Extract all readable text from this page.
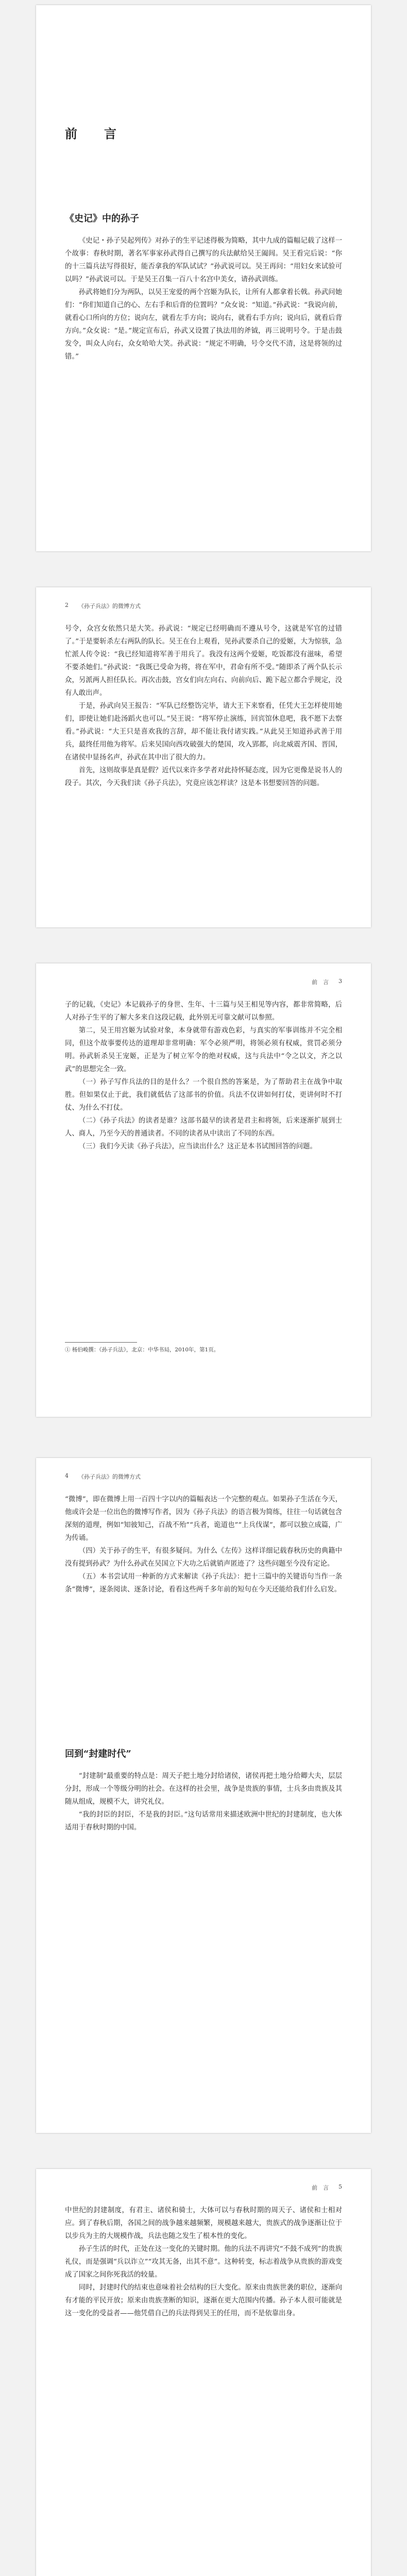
前　言
《史记》中的孙子

《史记・孙子吴起列传》对孙子的生平记述得极为简略，其中九成的篇幅记载了这样一个故事：春秋时期，著名军事家孙武得自己撰写的兵法献给吴王阖闾。吴王看完后说：“你的十三篇兵法写得很好，能否拿我的军队试试？”孙武说可以。吴王再问：“用妇女来试验可以吗？”孙武说可以。于是吴王召集一百八十名宫中美女，请孙武训练。

孙武将她们分为两队，以吴王宠爱的两个宫姬为队长，让所有人都拿着长戟。孙武问她们：“你们知道自己的心、左右手和后背的位置吗？”众女说：“知道。”孙武说：“我说向前，就看心口所向的方位；说向左，就看左手方向；说向右，就看右手方向；说向后，就看后背方向。”众女说：“是。”规定宣布后，孙武又设置了执法用的斧钺，再三说明号令。于是击鼓发令，叫众人向右，众女哈哈大笑。孙武说：“规定不明确，号令交代不清，这是将领的过错。”

2 《孙子兵法》的微博方式

号令，众宫女依然只是大笑。孙武说：“规定已经明确而不遵从号令，这就是军官的过错了。”于是要斩杀左右两队的队长。吴王在台上观看，见孙武要杀自己的爱姬，大为惊骇，急忙派人传令说：“我已经知道将军善于用兵了。我没有这两个爱姬，吃饭都没有滋味，希望不要杀她们。”孙武说：“我既已受命为将，将在军中，君命有所不受。”随即杀了两个队长示众，另派两人担任队长。再次击鼓，宫女们向左向右、向前向后、跪下起立都合乎规定，没有人敢出声。

于是，孙武向吴王报告：“军队已经整饬完毕，请大王下来察看，任凭大王怎样使用她们，即使让她们赴汤蹈火也可以。”吴王说：“将军停止演练，回宾馆休息吧，我不愿下去察看。”孙武说：“大王只是喜欢我的言辞，却不能让我付诸实践。”从此吴王知道孙武善于用兵，最终任用他为将军。后来吴国向西攻破强大的楚国，攻入郢都，向北威震齐国、晋国，在诸侯中显扬名声，孙武在其中出了很大的力。

首先，这则故事是真是假？近代以来许多学者对此持怀疑态度，因为它更像是说书人的段子。其次，今天我们读《孙子兵法》，究竟应该怎样读？这是本书想要回答的问题。

前　言 3

子的记载，《史记》本记载孙子的身世、生年、十三篇与吴王相见等内容，都非常简略，后人对孙子生平的了解大多来自这段记载，此外别无可靠文献可以参照。

第二，吴王用宫姬为试验对象，本身就带有游戏色彩，与真实的军事训练并不完全相同，但这个故事要传达的道理却非常明确：军令必须严明，将领必须有权威，赏罚必须分明。孙武斩杀吴王宠姬，正是为了树立军令的绝对权威，这与兵法中“令之以文，齐之以武”的思想完全一致。

（一）孙子写作兵法的目的是什么？一个很自然的答案是，为了帮助君主在战争中取胜。但如果仅止于此，我们就低估了这部书的价值。兵法不仅讲如何打仗，更讲何时不打仗、为什么不打仗。

（二）《孙子兵法》的读者是谁？这部书最早的读者是君主和将领，后来逐渐扩展到士人、商人，乃至今天的普通读者。不同的读者从中读出了不同的东西。

（三）我们今天读《孙子兵法》，应当读出什么？这正是本书试图回答的问题。

① 杨伯峻撰：《孙子兵法》，北京：中华书局，2010年，第1页。

4 《孙子兵法》的微博方式

“微博”，即在微博上用一百四十字以内的篇幅表达一个完整的观点。如果孙子生活在今天，他或许会是一位出色的微博写作者，因为《孙子兵法》的语言极为简练，往往一句话就包含深刻的道理，例如“知彼知己，百战不殆”“兵者，诡道也”“上兵伐谋”，都可以独立成篇，广为传诵。

（四）关于孙子的生平，有很多疑问。为什么《左传》这样详细记载春秋历史的典籍中没有提到孙武？为什么孙武在吴国立下大功之后就销声匿迹了？这些问题至今没有定论。

（五）本书尝试用一种新的方式来解读《孙子兵法》：把十三篇中的关键语句当作一条条“微博”，逐条阅读、逐条讨论，看看这些两千多年前的短句在今天还能给我们什么启发。

回到“封建时代”

“封建制”最重要的特点是：周天子把土地分封给诸侯，诸侯再把土地分给卿大夫，层层分封，形成一个等级分明的社会。在这样的社会里，战争是贵族的事情，士兵多由贵族及其随从组成，规模不大，讲究礼仪。

“我的封臣的封臣，不是我的封臣。”这句话常用来描述欧洲中世纪的封建制度，也大体适用于春秋时期的中国。

前　言 5

中世纪的封建制度，有君主、诸侯和骑士，大体可以与春秋时期的周天子、诸侯和士相对应。到了春秋后期，各国之间的战争越来越频繁，规模越来越大，贵族式的战争逐渐让位于以步兵为主的大规模作战，兵法也随之发生了根本性的变化。

孙子生活的时代，正处在这一变化的关键时期。他的兵法不再讲究“不鼓不成列”的贵族礼仪，而是强调“兵以诈立”“攻其无备，出其不意”。这种转变，标志着战争从贵族的游戏变成了国家之间你死我活的较量。

同时，封建时代的结束也意味着社会结构的巨大变化。原来由贵族世袭的职位，逐渐向有才能的平民开放；原来由贵族垄断的知识，逐渐在更大范围内传播。孙子本人很可能就是这一变化的受益者——他凭借自己的兵法得到吴王的任用，而不是依靠出身。
